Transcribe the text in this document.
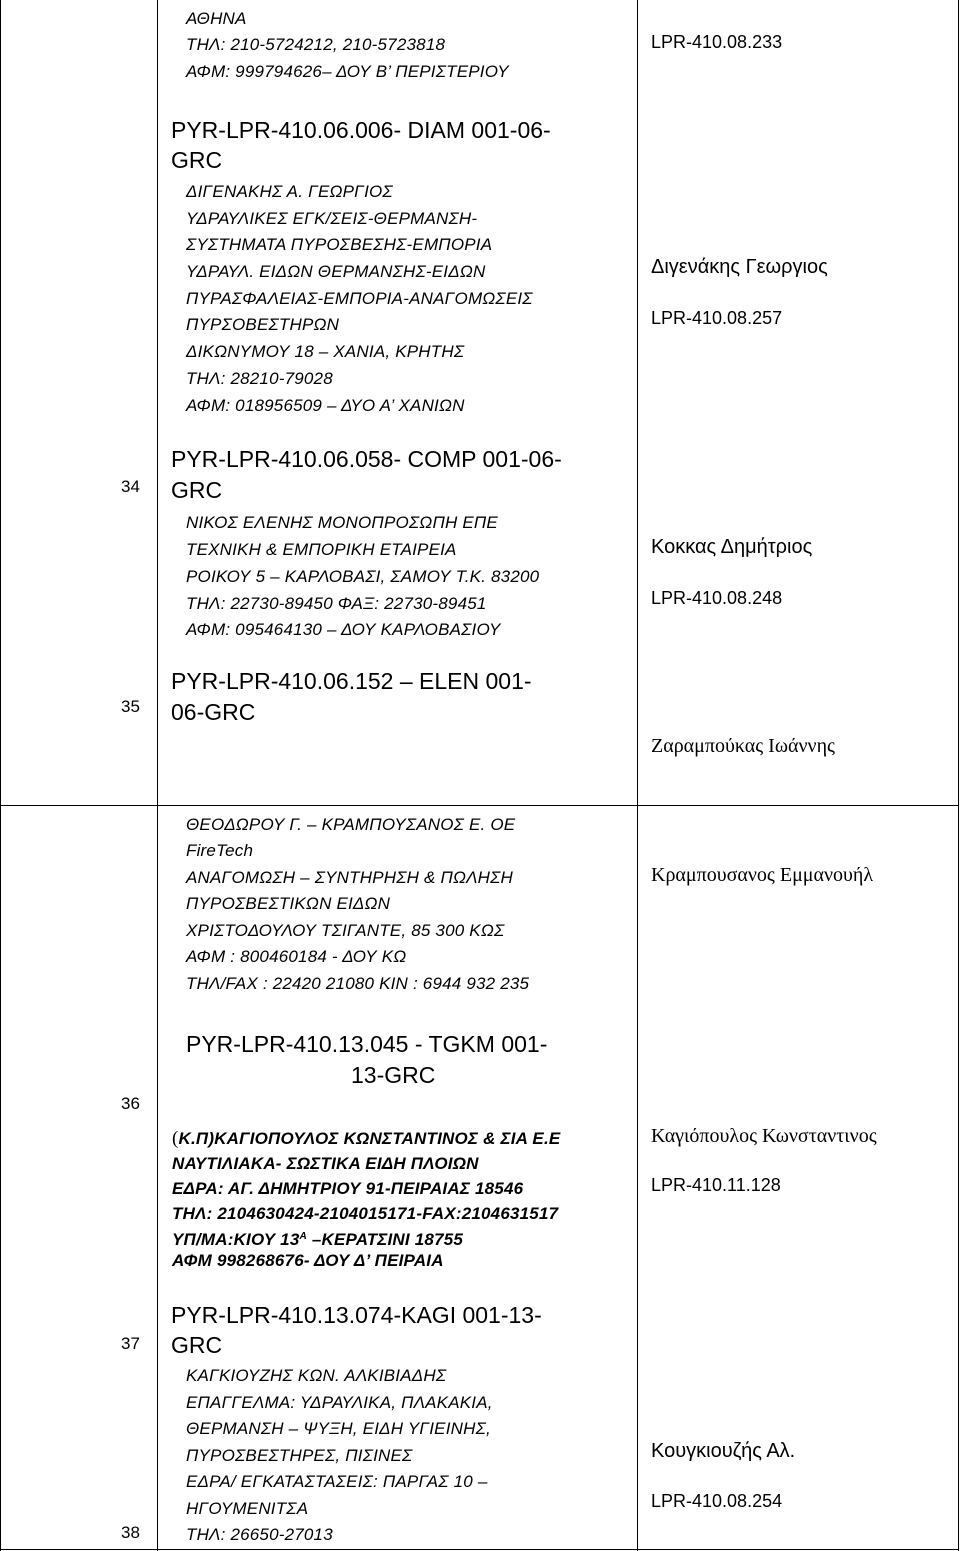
ΑΘΗΝΑ
ΤΗΛ: 210-5724212, 210-5723818
ΑΦΜ: 999794626– ΔΟΥ Β’ ΠΕΡΙΣΤΕΡΙΟΥ
LPR-410.08.233
PYR-LPR-410.06.006- DIAM 001-06-
GRC
ΔΙΓΕΝΑΚΗΣ Α. ΓΕΩΡΓΙΟΣ
ΥΔΡΑΥΛΙΚΕΣ ΕΓΚ/ΣΕΙΣ-ΘΕΡΜΑΝΣΗ-
ΣΥΣΤΗΜΑΤΑ ΠΥΡΟΣΒΕΣΗΣ-ΕΜΠΟΡΙΑ
ΥΔΡΑΥΛ. ΕΙΔΩΝ ΘΕΡΜΑΝΣΗΣ-ΕΙΔΩΝ
ΠΥΡΑΣΦΑΛΕΙΑΣ-ΕΜΠΟΡΙΑ-ΑΝΑΓΟΜΩΣΕΙΣ
ΠΥΡΣΟΒΕΣΤΗΡΩΝ
ΔΙΚΩΝΥΜΟΥ 18 – ΧΑΝΙΑ, ΚΡΗΤΗΣ
ΤΗΛ: 28210-79028
ΑΦΜ: 018956509 – ΔΥΟ Α’ ΧΑΝΙΩΝ
Διγενάκης Γεωργιος
LPR-410.08.257
34
PYR-LPR-410.06.058- COMP 001-06-
GRC
ΝΙΚΟΣ ΕΛΕΝΗΣ ΜΟΝΟΠΡΟΣΩΠΗ ΕΠΕ
ΤΕΧΝΙΚΗ & ΕΜΠΟΡΙΚΗ ΕΤΑΙΡΕΙΑ
ΡΟΙΚΟΥ 5 – ΚΑΡΛΟΒΑΣΙ, ΣΑΜΟΥ Τ.Κ. 83200
ΤΗΛ: 22730-89450 ΦΑΞ: 22730-89451
ΑΦΜ: 095464130 – ΔΟΥ ΚΑΡΛΟΒΑΣΙΟΥ
Κοκκας Δημήτριος
LPR-410.08.248
35
PYR-LPR-410.06.152 – ELEN 001-
06-GRC
Ζαραμπούκας Ιωάννης
ΘΕΟΔΩΡΟΥ Γ. – ΚΡΑΜΠΟΥΣΑΝΟΣ Ε. ΟΕ
FireTech
ΑΝΑΓΟΜΩΣΗ – ΣΥΝΤΗΡΗΣΗ & ΠΩΛΗΣΗ
ΠΥΡΟΣΒΕΣΤΙΚΩΝ ΕΙΔΩΝ
ΧΡΙΣΤΟΔΟΥΛΟΥ ΤΣΙΓΑΝΤΕ, 85 300 ΚΩΣ
ΑΦΜ : 800460184 - ΔΟΥ ΚΩ
ΤΗΛ/FAX : 22420 21080 ΚΙΝ : 6944 932 235
Κραμπουσανος Εμμανουήλ
36
PYR-LPR-410.13.045 - TGKM 001-
13-GRC
(Κ.Π)ΚΑΓΙΟΠΟΥΛΟΣ ΚΩΝΣΤΑΝΤΙΝΟΣ & ΣΙΑ Ε.Ε
ΝΑΥΤΙΛΙΑΚΑ- ΣΩΣΤΙΚΑ ΕΙΔΗ ΠΛΟΙΩΝ
ΕΔΡΑ: ΑΓ. ΔΗΜΗΤΡΙΟΥ 91-ΠΕΙΡΑΙΑΣ 18546
ΤΗΛ: 2104630424-2104015171-FAX:2104631517
ΥΠ/ΜΑ:ΚΙΟΥ $13^A$ –ΚΕΡΑΤΣΙΝΙ 18755
ΑΦΜ 998268676- ΔΟΥ Δ’ ΠΕΙΡΑΙΑ
Καγιόπουλος Κωνσταντινος
LPR-410.11.128
37
PYR-LPR-410.13.074-KAGI 001-13-
GRC
ΚΑΓΚΙΟΥΖΗΣ ΚΩΝ. ΑΛΚΙΒΙΑΔΗΣ
ΕΠΑΓΓΕΛΜΑ: ΥΔΡΑΥΛΙΚΑ, ΠΛΑΚΑΚΙΑ,
ΘΕΡΜΑΝΣΗ – ΨΥΞΗ, ΕΙΔΗ ΥΓΙΕΙΝΗΣ,
ΠΥΡΟΣΒΕΣΤΗΡΕΣ, ΠΙΣΙΝΕΣ
ΕΔΡΑ/ ΕΓΚΑΤΑΣΤΑΣΕΙΣ: ΠΑΡΓΑΣ 10 –
ΗΓΟΥΜΕΝΙΤΣΑ
ΤΗΛ: 26650-27013
Κουγκιουζής Αλ.
LPR-410.08.254
38
